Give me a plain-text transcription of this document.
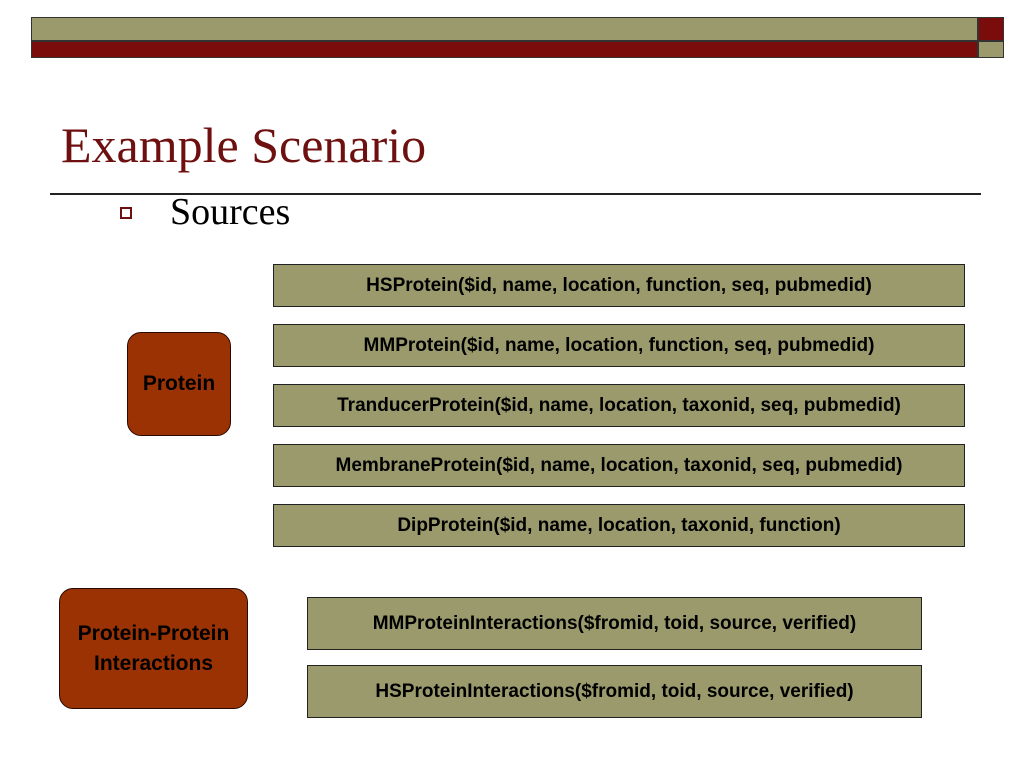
Example Scenario
Sources
Protein
Protein-Protein
Interactions
HSProtein($id, name, location, function, seq, pubmedid)
MMProtein($id, name, location, function, seq, pubmedid)
TranducerProtein($id, name, location, taxonid, seq, pubmedid)
MembraneProtein($id, name, location, taxonid, seq, pubmedid)
DipProtein($id, name, location, taxonid, function)
MMProteinInteractions($fromid, toid, source, verified)
HSProteinInteractions($fromid, toid, source, verified)
